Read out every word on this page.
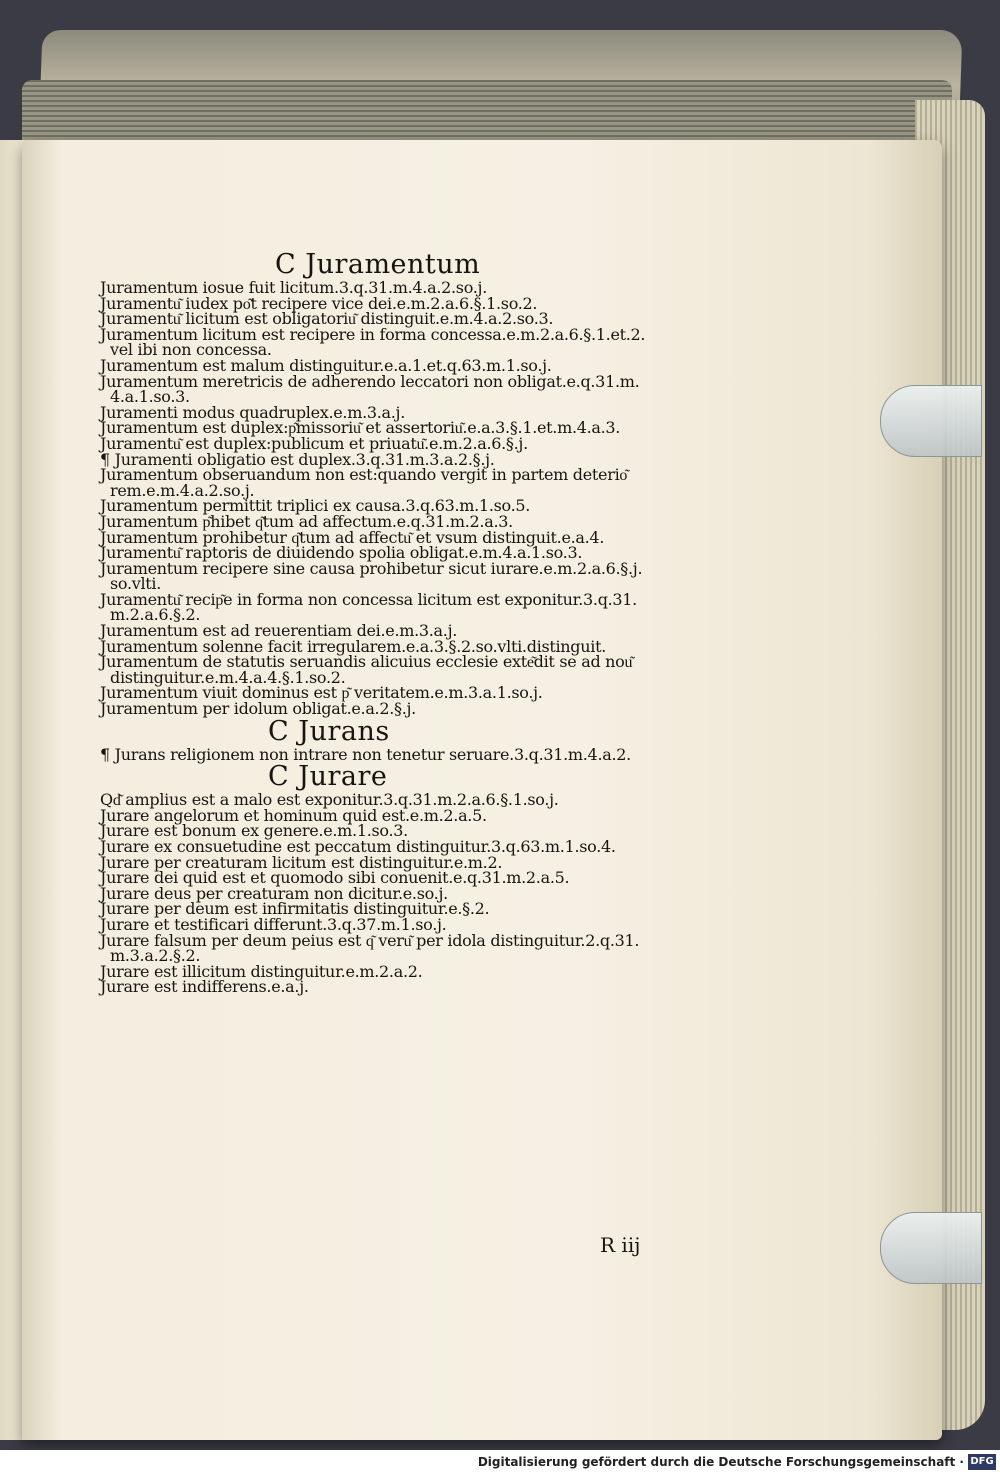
C Juramentum
Juramentum iosue fuit licitum.3.q.31.m.4.a.2.so.j.
Juramentu͂ iudex po͂t recipere vice dei.e.m.2.a.6.§.1.so.2.
Juramentu͂ licitum est obligatoriu͂ distinguit.e.m.4.a.2.so.3.
Juramentum licitum est recipere in forma concessa.e.m.2.a.6.§.1.et.2.
vel ibi non concessa.
Juramentum est malum distinguitur.e.a.1.et.q.63.m.1.so.j.
Juramentum meretricis de adherendo leccatori non obligat.e.q.31.m.
4.a.1.so.3.
Juramenti modus quadruplex.e.m.3.a.j.
Juramentum est duplex:p͂missoriu͂ et assertoriu͂.e.a.3.§.1.et.m.4.a.3.
Juramentu͂ est duplex:publicum et priuatu͂.e.m.2.a.6.§.j.
¶ Juramenti obligatio est duplex.3.q.31.m.3.a.2.§.j.
Juramentum obseruandum non est:quando vergit in partem deterio͂
rem.e.m.4.a.2.so.j.
Juramentum permittit triplici ex causa.3.q.63.m.1.so.5.
Juramentum p͂hibet q͂tum ad affectum.e.q.31.m.2.a.3.
Juramentum prohibetur q͂tum ad affectu͂ et vsum distinguit.e.a.4.
Juramentu͂ raptoris de diuidendo spolia obligat.e.m.4.a.1.so.3.
Juramentum recipere sine causa prohibetur sicut iurare.e.m.2.a.6.§.j.
so.vlti.
Juramentu͂ recip͂e in forma non concessa licitum est exponitur.3.q.31.
m.2.a.6.§.2.
Juramentum est ad reuerentiam dei.e.m.3.a.j.
Juramentum solenne facit irregularem.e.a.3.§.2.so.vlti.distinguit.
Juramentum de statutis seruandis alicuius ecclesie exte͂dit se ad nou͂
distinguitur.e.m.4.a.4.§.1.so.2.
Juramentum viuit dominus est p͂ veritatem.e.m.3.a.1.so.j.
Juramentum per idolum obligat.e.a.2.§.j.
C Jurans
¶ Jurans religionem non intrare non tenetur seruare.3.q.31.m.4.a.2.
C Jurare
Qd͂ amplius est a malo est exponitur.3.q.31.m.2.a.6.§.1.so.j.
Jurare angelorum et hominum quid est.e.m.2.a.5.
Jurare est bonum ex genere.e.m.1.so.3.
Jurare ex consuetudine est peccatum distinguitur.3.q.63.m.1.so.4.
Jurare per creaturam licitum est distinguitur.e.m.2.
Jurare dei quid est et quomodo sibi conuenit.e.q.31.m.2.a.5.
Jurare deus per creaturam non dicitur.e.so.j.
Jurare per deum est infirmitatis distinguitur.e.§.2.
Jurare et testificari differunt.3.q.37.m.1.so.j.
Jurare falsum per deum peius est q͂ veru͂ per idola distinguitur.2.q.31.
m.3.a.2.§.2.
Jurare est illicitum distinguitur.e.m.2.a.2.
Jurare est indifferens.e.a.j.
R iij
Digitalisierung gefördert durch die Deutsche Forschungsgemeinschaft · DFG
